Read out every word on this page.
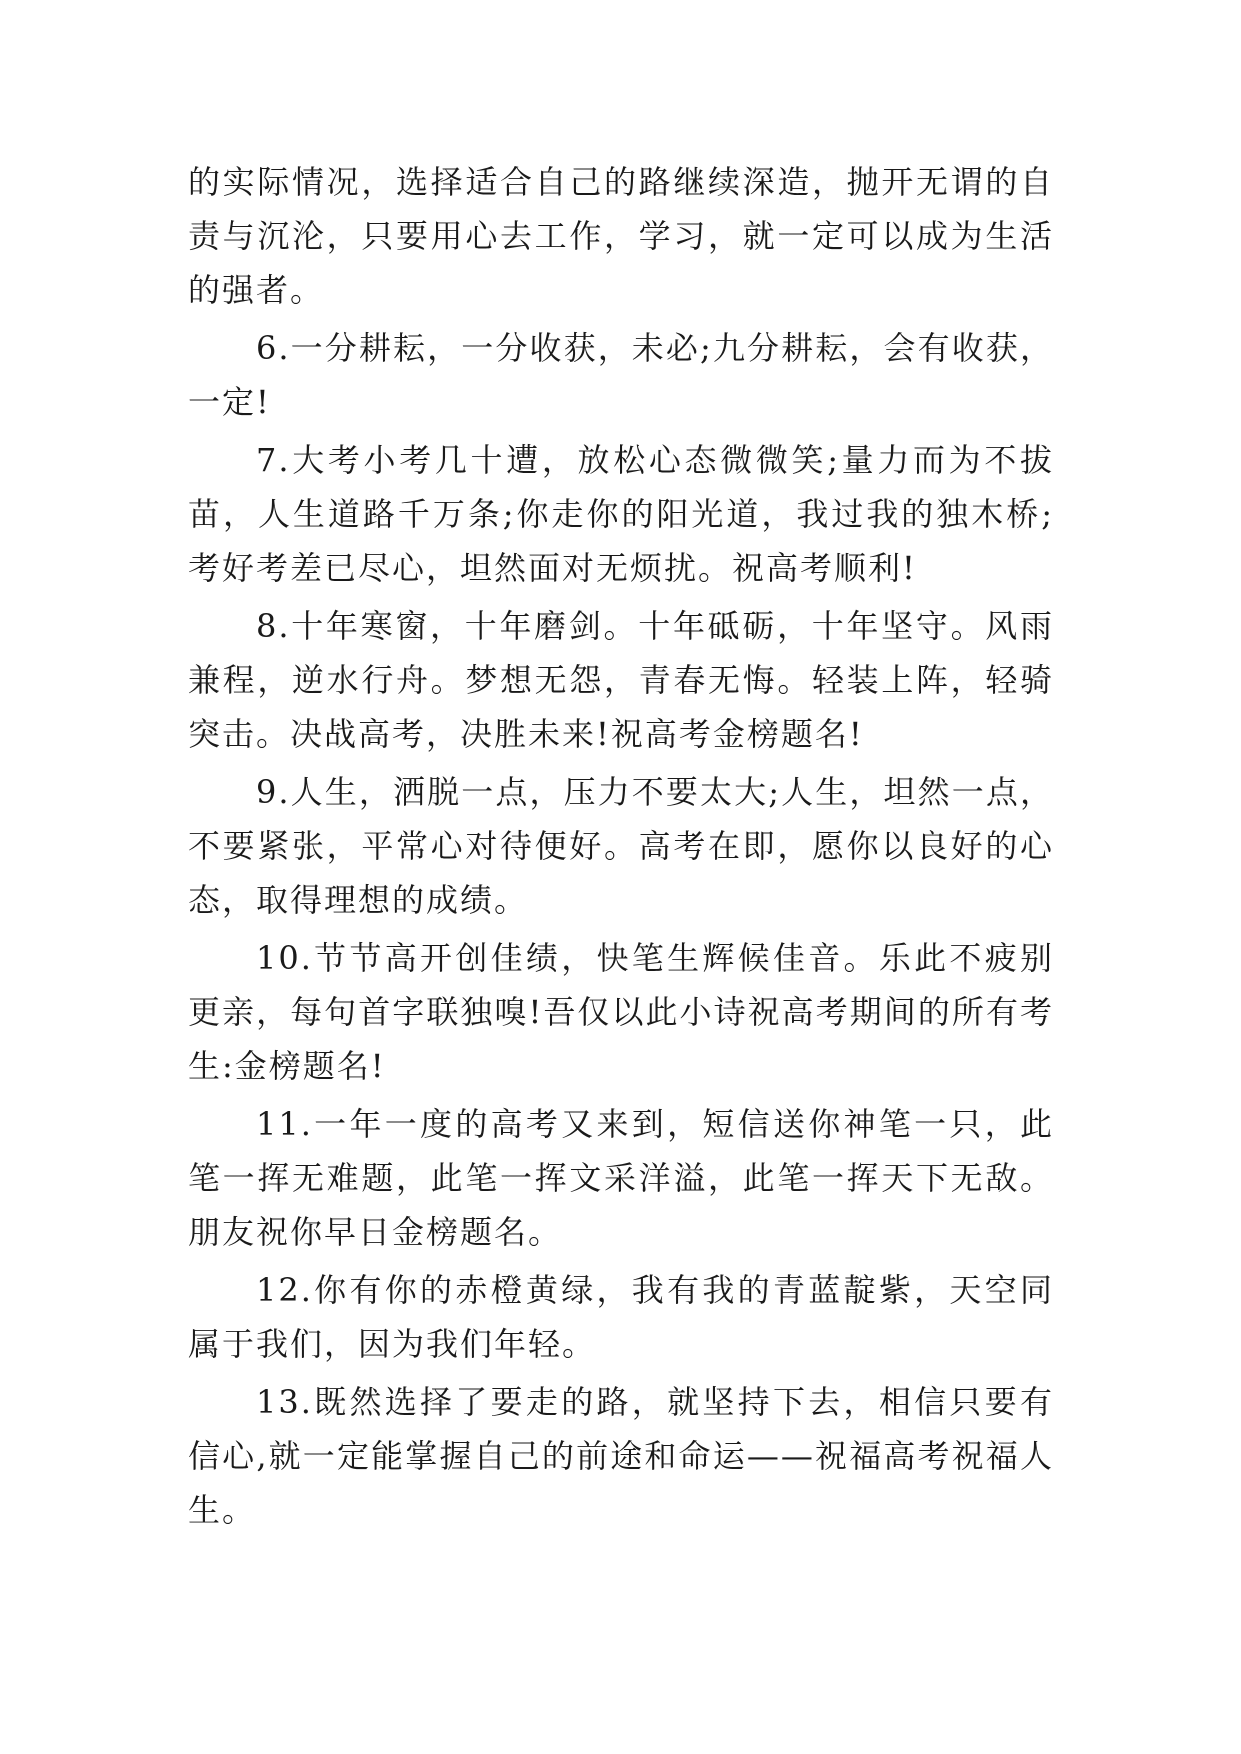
的实际情况，选择适合自己的路继续深造，抛开无谓的自责与沉沦，只要用心去工作，学习，就一定可以成为生活的强者。

6.一分耕耘，一分收获，未必;九分耕耘，会有收获，一定!

7.大考小考几十遭，放松心态微微笑;量力而为不拔苗，人生道路千万条;你走你的阳光道，我过我的独木桥;考好考差已尽心，坦然面对无烦扰。祝高考顺利!

8.十年寒窗，十年磨剑。十年砥砺，十年坚守。风雨兼程，逆水行舟。梦想无怨，青春无悔。轻装上阵，轻骑突击。决战高考，决胜未来!祝高考金榜题名!

9.人生，洒脱一点，压力不要太大;人生，坦然一点，不要紧张，平常心对待便好。高考在即，愿你以良好的心态，取得理想的成绩。

10.节节高开创佳绩，快笔生辉候佳音。乐此不疲别更亲，每句首字联独嗅!吾仅以此小诗祝高考期间的所有考生:金榜题名!

11.一年一度的高考又来到，短信送你神笔一只，此笔一挥无难题，此笔一挥文采洋溢，此笔一挥天下无敌。朋友祝你早日金榜题名。

12.你有你的赤橙黄绿，我有我的青蓝靛紫，天空同属于我们，因为我们年轻。

13.既然选择了要走的路，就坚持下去，相信只要有信心,就一定能掌握自己的前途和命运——祝福高考祝福人生。
